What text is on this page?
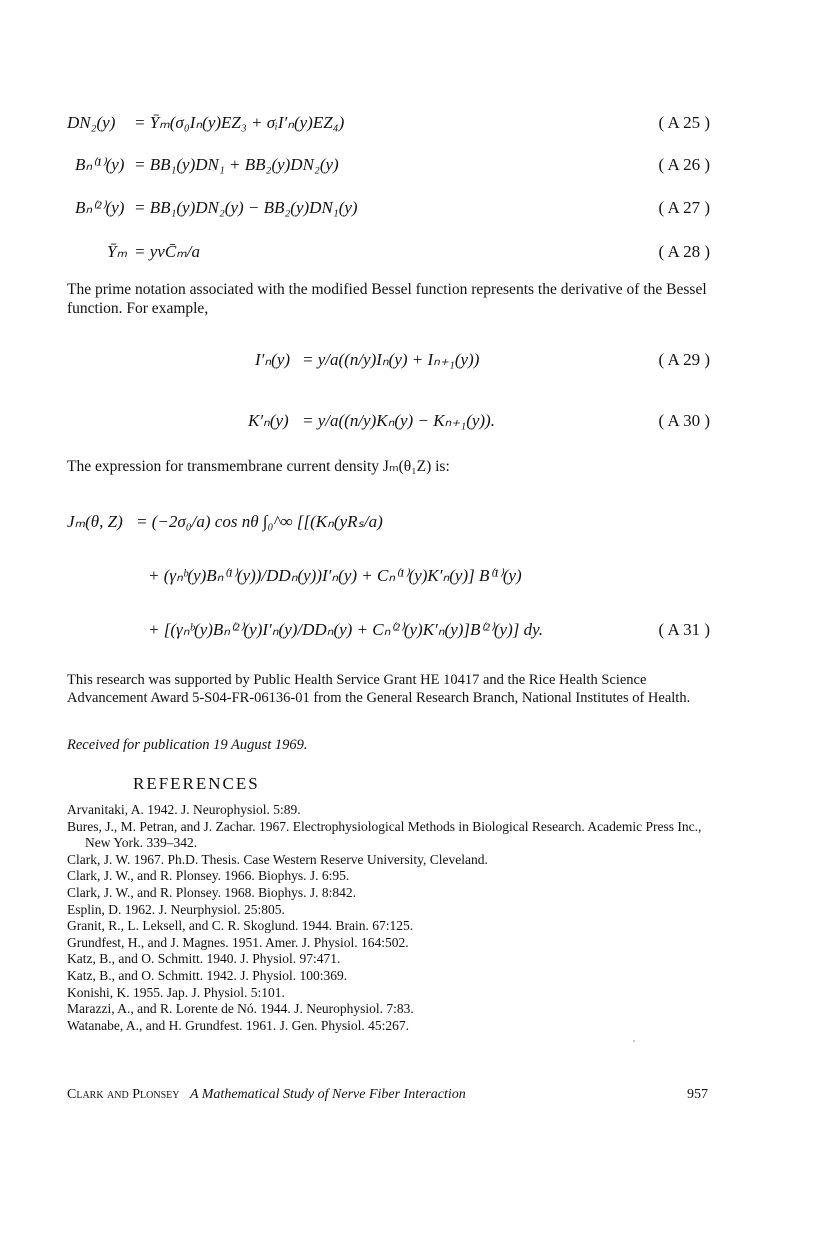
DN₂(y) = Ȳₘ(σ₀Iₙ(y)EZ₃ + σᵢI′ₙ(y)EZ₄)	( A 25 )
Bₙ⁽¹⁾(y) = BB₁(y)DN₁ + BB₂(y)DN₂(y)	( A 26 )
Bₙ⁽²⁾(y) = BB₁(y)DN₂(y) − BB₂(y)DN₁(y)	( A 27 )
Ȳₘ = yνC̄ₘ/a	( A 28 )
The prime notation associated with the modified Bessel function represents the derivative of the Bessel function. For example,
I′ₙ(y) = y/a((n/y)Iₙ(y) + Iₙ₊₁(y))	( A 29 )
K′ₙ(y) = y/a((n/y)Kₙ(y) − Kₙ₊₁(y)).	( A 30 )
The expression for transmembrane current density Jₘ(θ₁Z) is:
Jₘ(θ, Z) = (−2σ₀/a) cos nθ ∫₀^∞ [[(Kₙ(yRₛ/a)
+ (γₙᵇ(y)Bₙ⁽¹⁾(y))/DDₙ(y))I′ₙ(y) + Cₙ⁽¹⁾(y)K′ₙ(y)] B⁽¹⁾(y)
+ [(γₙᵇ(y)Bₙ⁽²⁾(y)I′ₙ(y)/DDₙ(y) + Cₙ⁽²⁾(y)K′ₙ(y)]B⁽²⁾(y)] dy.	( A 31 )
This research was supported by Public Health Service Grant HE 10417 and the Rice Health Science Advancement Award 5-S04-FR-06136-01 from the General Research Branch, National Institutes of Health.
Received for publication 19 August 1969.
REFERENCES
Arvanitaki, A. 1942. J. Neurophysiol. 5:89.
Bures, J., M. Petran, and J. Zachar. 1967. Electrophysiological Methods in Biological Research. Academic Press Inc., New York. 339–342.
Clark, J. W. 1967. Ph.D. Thesis. Case Western Reserve University, Cleveland.
Clark, J. W., and R. Plonsey. 1966. Biophys. J. 6:95.
Clark, J. W., and R. Plonsey. 1968. Biophys. J. 8:842.
Esplin, D. 1962. J. Neurphysiol. 25:805.
Granit, R., L. Leksell, and C. R. Skoglund. 1944. Brain. 67:125.
Grundfest, H., and J. Magnes. 1951. Amer. J. Physiol. 164:502.
Katz, B., and O. Schmitt. 1940. J. Physiol. 97:471.
Katz, B., and O. Schmitt. 1942. J. Physiol. 100:369.
Konishi, K. 1955. Jap. J. Physiol. 5:101.
Marazzi, A., and R. Lorente de Nó. 1944. J. Neurophysiol. 7:83.
Watanabe, A., and H. Grundfest. 1961. J. Gen. Physiol. 45:267.
Clark and Plonsey A Mathematical Study of Nerve Fiber Interaction	957
